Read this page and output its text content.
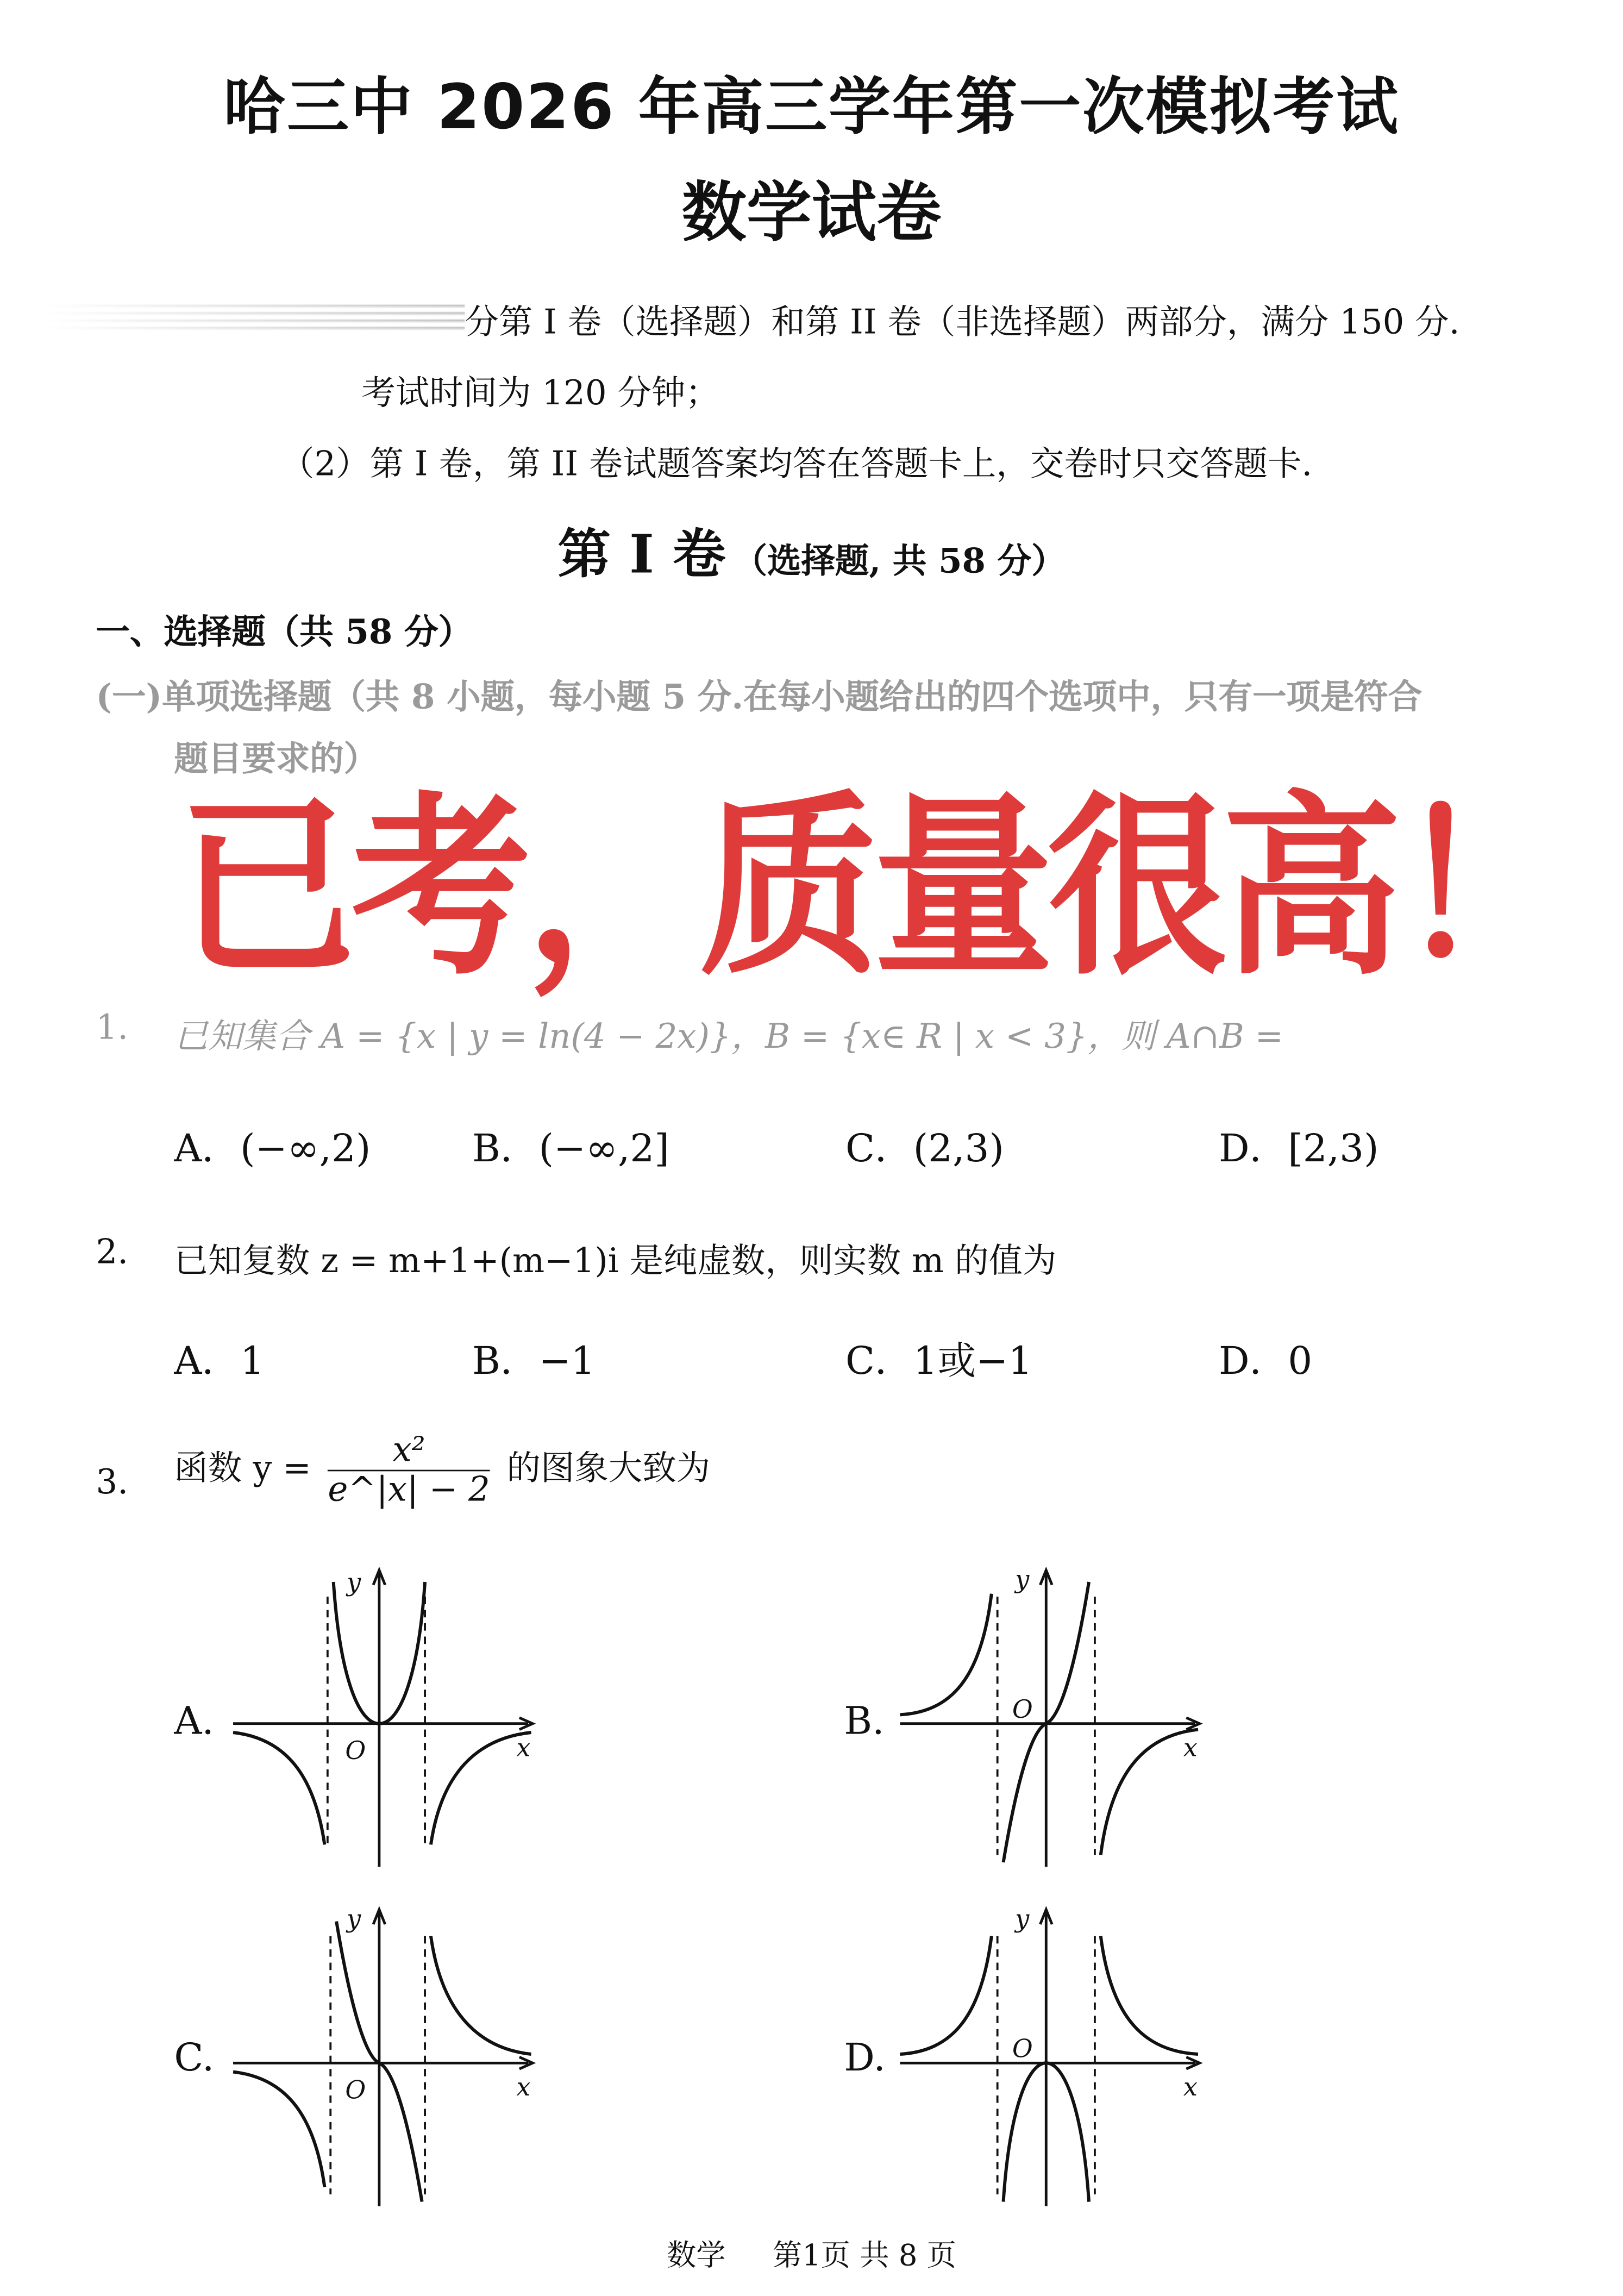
哈三中 2026 年高三学年第一次模拟考试
数学试卷
分第 I 卷（选择题）和第 II 卷（非选择题）两部分，满分 150 分.
考试时间为 120 分钟；
（2）第 I 卷，第 II 卷试题答案均答在答题卡上，交卷时只交答题卡.
第 I 卷 （选择题, 共 58 分）
一、选择题（共 58 分）
(一)单项选择题（共 8 小题，每小题 5 分.在每小题给出的四个选项中，只有一项是符合
题目要求的）
已考，质量很高！
1.	已知集合 A = {x | y = ln(4 − 2x)}，B = {x∈ R | x < 3}，则 A∩B =
A．(−∞,2)	B．(−∞,2]	C．(2,3)	D．[2,3)
2.	已知复数 z = m+1+(m−1)i 是纯虚数，则实数 m 的值为
A．1	B．−1	C．1或−1	D．0
3.	函数 $y = \frac{\text{x²}}{e\^{}|x| - 2}$ 的图象大致为
A.	B.
C.	D.
y
x
O
y
x
O
y
x
O
y
x
O
数学	第1页 共 8 页
